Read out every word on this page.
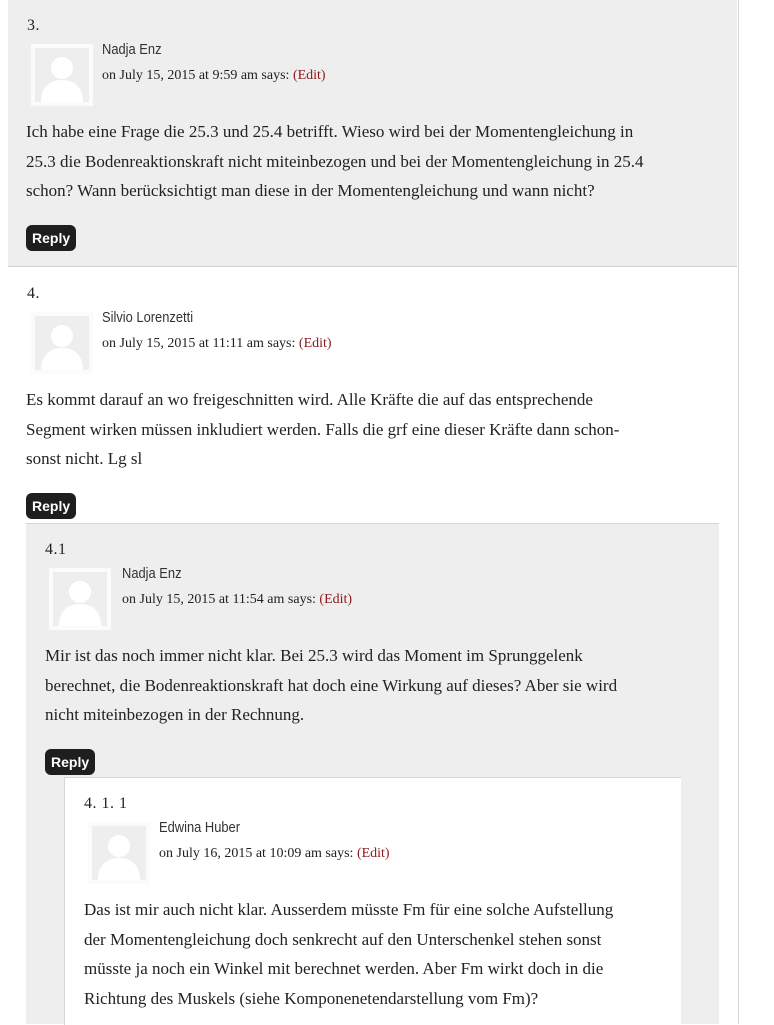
3.
Nadja Enz
on July 15, 2015 at 9:59 am says: (Edit)

Ich habe eine Frage die 25.3 und 25.4 betrifft. Wieso wird bei der Momentengleichung in

25.3 die Bodenreaktionskraft nicht miteinbezogen und bei der Momentengleichung in 25.4

schon? Wann berücksichtigt man diese in der Momentengleichung und wann nicht?

Reply
4.
Silvio Lorenzetti
on July 15, 2015 at 11:11 am says: (Edit)

Es kommt darauf an wo freigeschnitten wird. Alle Kräfte die auf das entsprechende

Segment wirken müssen inkludiert werden. Falls die grf eine dieser Kräfte dann schon-

sonst nicht. Lg sl

Reply
4.1
Nadja Enz
on July 15, 2015 at 11:54 am says: (Edit)

Mir ist das noch immer nicht klar. Bei 25.3 wird das Moment im Sprunggelenk

berechnet, die Bodenreaktionskraft hat doch eine Wirkung auf dieses? Aber sie wird

nicht miteinbezogen in der Rechnung.

Reply
4. 1. 1
Edwina Huber
on July 16, 2015 at 10:09 am says: (Edit)

Das ist mir auch nicht klar. Ausserdem müsste Fm für eine solche Aufstellung

der Momentengleichung doch senkrecht auf den Unterschenkel stehen sonst

müsste ja noch ein Winkel mit berechnet werden. Aber Fm wirkt doch in die

Richtung des Muskels (siehe Komponenetendarstellung vom Fm)?
